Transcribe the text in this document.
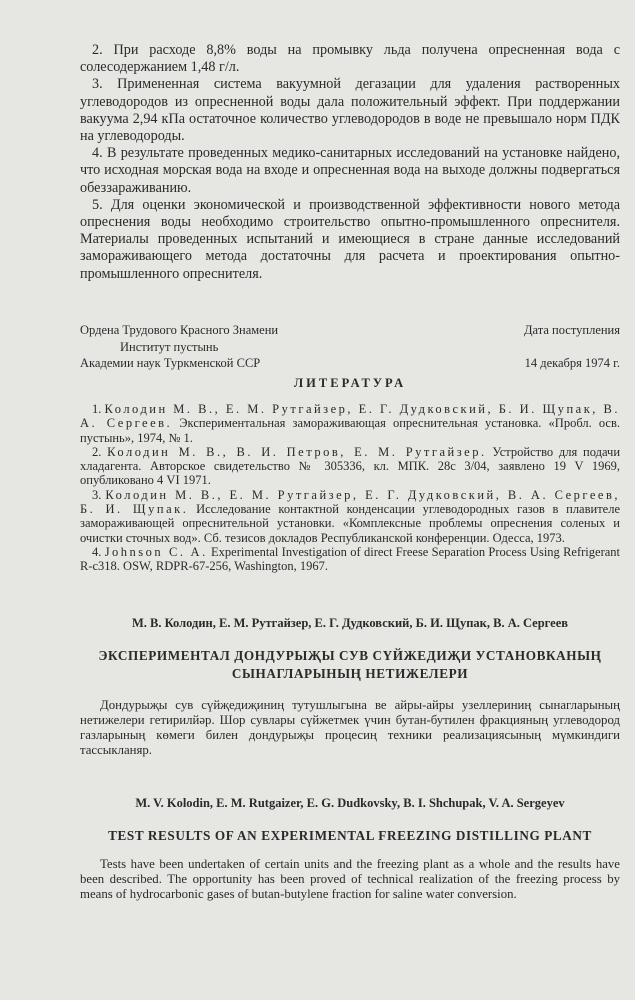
2. При расходе 8,8% воды на промывку льда получена опресненная вода с солесодержанием 1,48 г/л.

3. Примененная система вакуумной дегазации для удаления растворенных углеводородов из опресненной воды дала положительный эффект. При поддержании вакуума 2,94 кПа остаточное количество углеводородов в воде не превышало норм ПДК на углеводороды.

4. В результате проведенных медико-санитарных исследований на установке найдено, что исходная морская вода на входе и опресненная вода на выходе должны подвергаться обеззараживанию.

5. Для оценки экономической и производственной эффективности нового метода опреснения воды необходимо строительство опытно-промышленного опреснителя. Материалы проведенных испытаний и имеющиеся в стране данные исследований замораживающего метода достаточны для расчета и проектирования опытно-промышленного опреснителя.

Ордена Трудового Красного Знамени
Институт пустынь
Академии наук Туркменской ССР
Дата поступления
14 декабря 1974 г.
ЛИТЕРАТУРА

1. Колодин М. В., Е. М. Рутгайзер, Е. Г. Дудковский, Б. И. Щупак, В. А. Сергеев. Экспериментальная замораживающая опреснительная установка. «Пробл. осв. пустынь», 1974, № 1.

2. Колодин М. В., В. И. Петров, Е. М. Рутгайзер. Устройство для подачи хладагента. Авторское свидетельство № 305336, кл. МПК. 28с 3/04, заявлено 19 V 1969, опубликовано 4 VI 1971.

3. Колодин М. В., Е. М. Рутгайзер, Е. Г. Дудковский, В. А. Сергеев, Б. И. Щупак. Исследование контактной конденсации углеводородных газов в плавителе замораживающей опреснительной установки. «Комплексные проблемы опреснения соленых и очистки сточных вод». Сб. тезисов докладов Республиканской конференции. Одесса, 1973.

4. Johnson C. A. Experimental Investigation of direct Freese Separation Process Using Refrigerant R-c318. OSW, RDPR-67-256, Washington, 1967.

М. В. Колодин, Е. М. Рутгайзер, Е. Г. Дудковский, Б. И. Щупак, В. А. Сергеев
ЭКСПЕРИМЕНТАЛ ДОНДУРЫҖЫ СУВ СҮЙЖЕДИҖИ УСТАНОВКАНЫҢ СЫНАГЛАРЫНЫҢ НЕТИЖЕЛЕРИ
Дондурыҗы сув сүйҗедиҗиниң тутушлыгына ве айры-айры узеллериниң сынагларының нетижелери гетирилйәр. Шор сувлары сүйжетмек үчин бутан-бутилен фракцияның углеводород газларының көмеги билен дондурыҗы процесиң техники реализациясының мүмкиндиги тассыкланяр.
M. V. Kolodin, E. M. Rutgaizer, E. G. Dudkovsky, B. I. Shchupak, V. A. Sergeyev
TEST RESULTS OF AN EXPERIMENTAL FREEZING DISTILLING PLANT
Tests have been undertaken of certain units and the freezing plant as a whole and the results have been described. The opportunity has been proved of technical realization of the freezing process by means of hydrocarbonic gases of butan-butylene fraction for saline water conversion.
